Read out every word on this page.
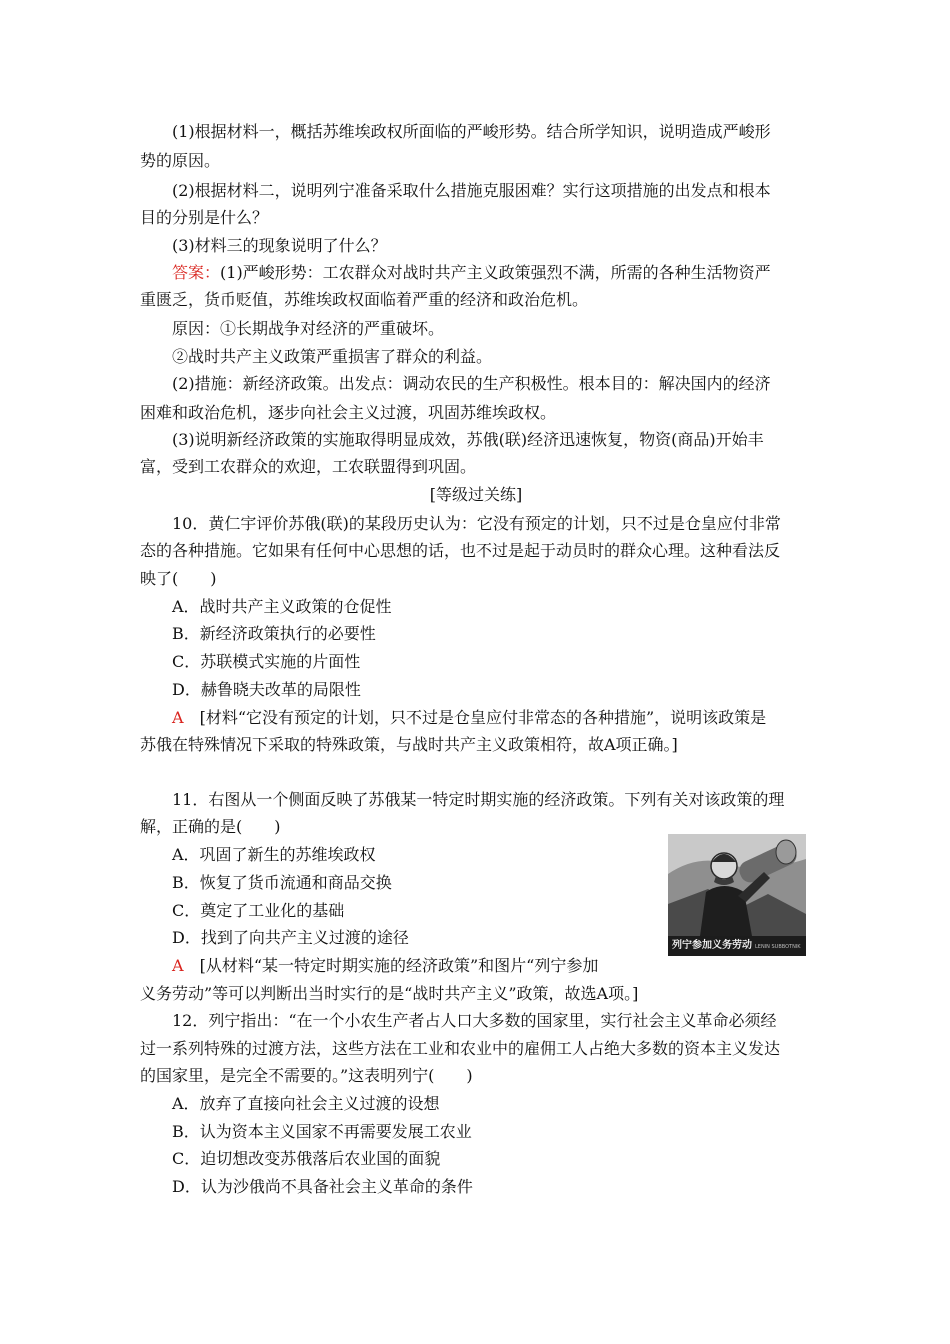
(1)根据材料一，概括苏维埃政权所面临的严峻形势。结合所学知识，说明造成严峻形
势的原因。
(2)根据材料二，说明列宁准备采取什么措施克服困难？实行这项措施的出发点和根本
目的分别是什么？
(3)材料三的现象说明了什么？
答案：(1)严峻形势：工农群众对战时共产主义政策强烈不满，所需的各种生活物资严
重匮乏，货币贬值，苏维埃政权面临着严重的经济和政治危机。
原因：①长期战争对经济的严重破坏。
②战时共产主义政策严重损害了群众的利益。
(2)措施：新经济政策。出发点：调动农民的生产积极性。根本目的：解决国内的经济
困难和政治危机，逐步向社会主义过渡，巩固苏维埃政权。
(3)说明新经济政策的实施取得明显成效，苏俄(联)经济迅速恢复，物资(商品)开始丰
富，受到工农群众的欢迎，工农联盟得到巩固。
[等级过关练]
10．黄仁宇评价苏俄(联)的某段历史认为：它没有预定的计划，只不过是仓皇应付非常
态的各种措施。它如果有任何中心思想的话，也不过是起于动员时的群众心理。这种看法反
映了(　　)
A．战时共产主义政策的仓促性
B．新经济政策执行的必要性
C．苏联模式实施的片面性
D．赫鲁晓夫改革的局限性
A　 [材料“它没有预定的计划，只不过是仓皇应付非常态的各种措施”，说明该政策是
苏俄在特殊情况下采取的特殊政策，与战时共产主义政策相符，故A项正确。]
11．右图从一个侧面反映了苏俄某一特定时期实施的经济政策。下列有关对该政策的理
解，正确的是(　　)
A．巩固了新生的苏维埃政权
B．恢复了货币流通和商品交换
C．奠定了工业化的基础
D．找到了向共产主义过渡的途径
A　 [从材料“某一特定时期实施的经济政策”和图片“列宁参加
义务劳动”等可以判断出当时实行的是“战时共产主义”政策，故选A项。]
列宁参加义务劳动 LENIN SUBBOTNIK
12．列宁指出：“在一个小农生产者占人口大多数的国家里，实行社会主义革命必须经
过一系列特殊的过渡方法，这些方法在工业和农业中的雇佣工人占绝大多数的资本主义发达
的国家里，是完全不需要的。”这表明列宁(　　)
A．放弃了直接向社会主义过渡的设想
B．认为资本主义国家不再需要发展工农业
C．迫切想改变苏俄落后农业国的面貌
D．认为沙俄尚不具备社会主义革命的条件
